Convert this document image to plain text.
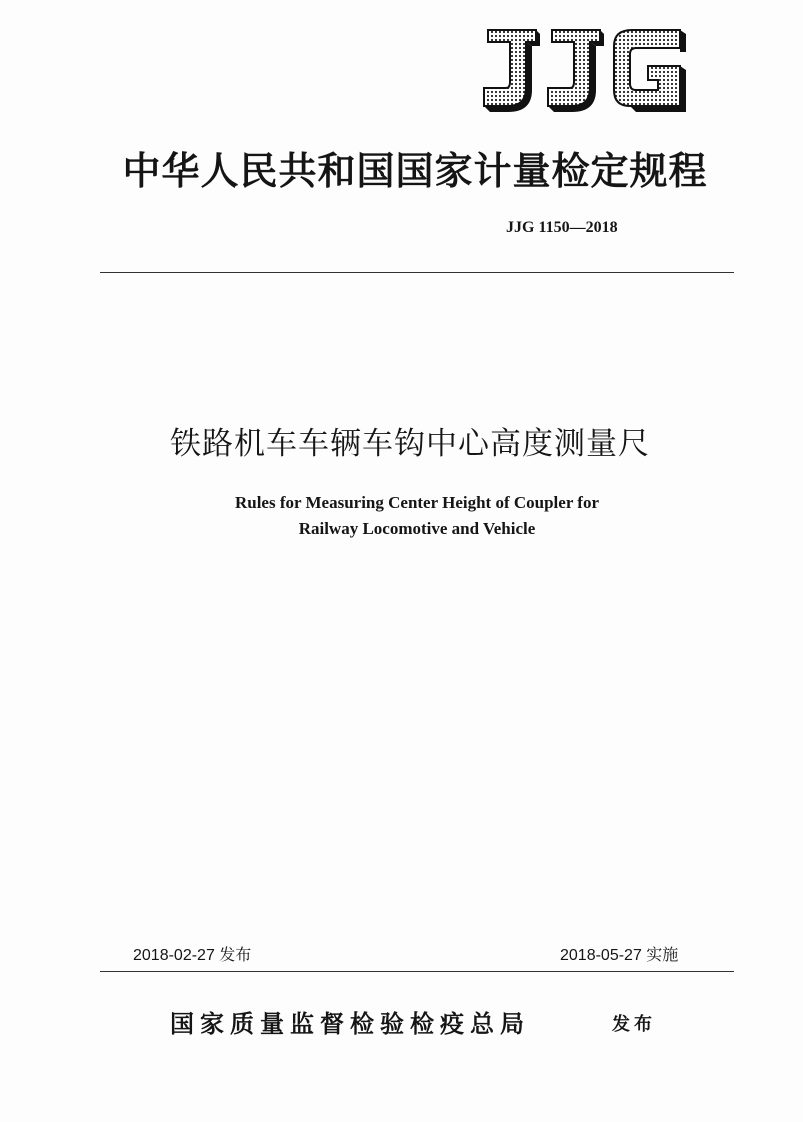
中华人民共和国国家计量检定规程
JJG 1150—2018
铁路机车车辆车钩中心高度测量尺
Rules for Measuring Center Height of Coupler for
Railway Locomotive and Vehicle
2018-02-27 发布	2018-05-27 实施
国家质量监督检验检疫总局	发布
